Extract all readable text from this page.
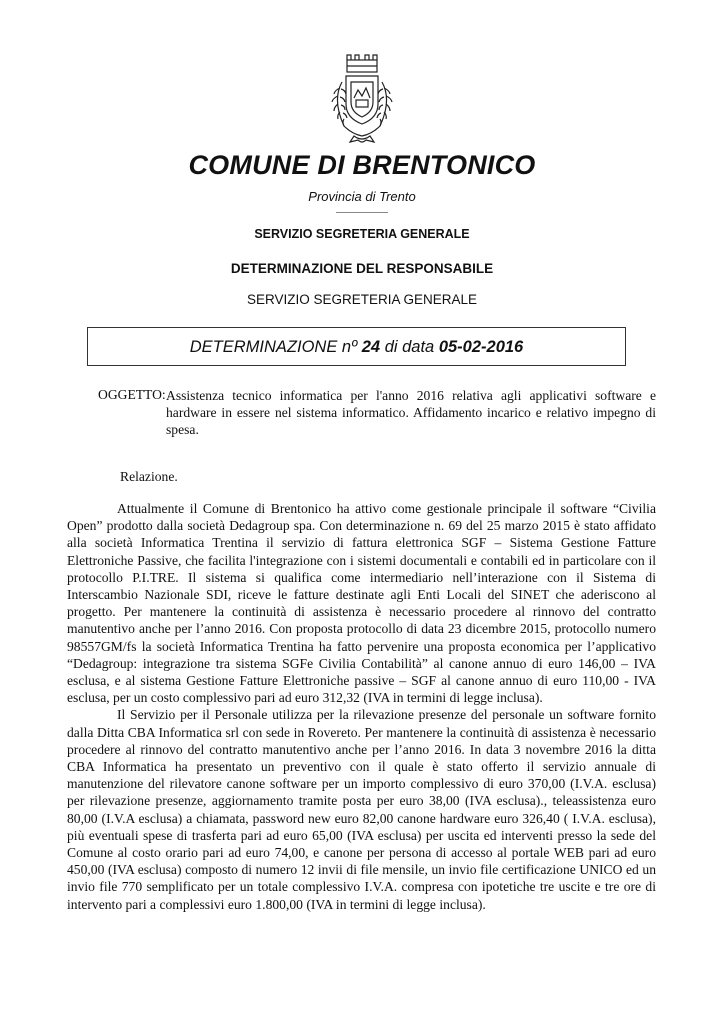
COMUNE DI BRENTONICO
Provincia di Trento
SERVIZIO SEGRETERIA GENERALE
DETERMINAZIONE DEL RESPONSABILE
SERVIZIO SEGRETERIA GENERALE
DETERMINAZIONE nº 24 di data 05-02-2016
OGGETTO: Assistenza tecnico informatica per l'anno 2016 relativa agli applicativi software e hardware in essere nel sistema informatico. Affidamento incarico e relativo impegno di spesa.
Relazione.

Attualmente il Comune di Brentonico ha attivo come gestionale principale il software “Civilia Open” prodotto dalla società Dedagroup spa. Con determinazione n. 69 del 25 marzo 2015 è stato affidato alla società Informatica Trentina il servizio di fattura elettronica SGF – Sistema Gestione Fatture Elettroniche Passive, che facilita l'integrazione con i sistemi documentali e contabili ed in particolare con il protocollo P.I.TRE. Il sistema si qualifica come intermediario nell’interazione con il Sistema di Interscambio Nazionale SDI, riceve le fatture destinate agli Enti Locali del SINET che aderiscono al progetto. Per mantenere la continuità di assistenza è necessario procedere al rinnovo del contratto manutentivo anche per l’anno 2016. Con proposta protocollo di data 23 dicembre 2015, protocollo numero 98557GM/fs la società Informatica Trentina ha fatto pervenire una proposta economica per l’applicativo “Dedagroup: integrazione tra sistema SGFe Civilia Contabilità” al canone annuo di euro 146,00 – IVA esclusa, e al sistema Gestione Fatture Elettroniche passive – SGF al canone annuo di euro 110,00 - IVA esclusa, per un costo complessivo pari ad euro 312,32 (IVA in termini di legge inclusa).

Il Servizio per il Personale utilizza per la rilevazione presenze del personale un software fornito dalla Ditta CBA Informatica srl con sede in Rovereto. Per mantenere la continuità di assistenza è necessario procedere al rinnovo del contratto manutentivo anche per l’anno 2016. In data 3 novembre 2016 la ditta CBA Informatica ha presentato un preventivo con il quale è stato offerto il servizio annuale di manutenzione del rilevatore canone software per un importo complessivo di euro 370,00 (I.V.A. esclusa) per rilevazione presenze, aggiornamento tramite posta per euro 38,00 (IVA esclusa)., teleassistenza euro 80,00 (I.V.A esclusa) a chiamata, password new euro 82,00 canone hardware euro 326,40 ( I.V.A. esclusa), più eventuali spese di trasferta pari ad euro 65,00 (IVA esclusa) per uscita ed interventi presso la sede del Comune al costo orario pari ad euro 74,00, e canone per persona di accesso al portale WEB pari ad euro 450,00 (IVA esclusa) composto di numero 12 invii di file mensile, un invio file certificazione UNICO ed un invio file 770 semplificato per un totale complessivo I.V.A. compresa con ipotetiche tre uscite e tre ore di intervento pari a complessivi euro 1.800,00 (IVA in termini di legge inclusa).
